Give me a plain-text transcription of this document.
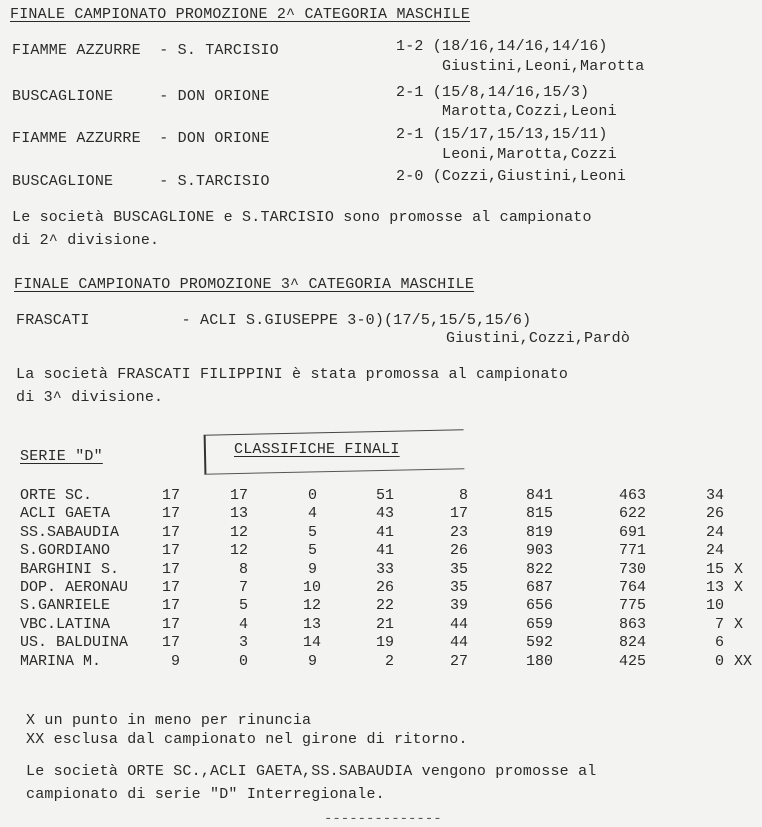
FINALE CAMPIONATO PROMOZIONE 2^ CATEGORIA MASCHILE
FIAMME AZZURRE  - S. TARCISIO	1-2 (18/16,14/16,14/16)
Giustini,Leoni,Marotta
BUSCAGLIONE     - DON ORIONE	2-1 (15/8,14/16,15/3)
Marotta,Cozzi,Leoni
FIAMME AZZURRE  - DON ORIONE	2-1 (15/17,15/13,15/11)
Leoni,Marotta,Cozzi
BUSCAGLIONE     - S.TARCISIO	2-0 (Cozzi,Giustini,Leoni
Le società BUSCAGLIONE e S.TARCISIO sono promosse al campionato
di 2^ divisione.
FINALE CAMPIONATO PROMOZIONE 3^ CATEGORIA MASCHILE
FRASCATI          - ACLI S.GIUSEPPE 3-0)(17/5,15/5,15/6)
Giustini,Cozzi,Pardò
La società FRASCATI FILIPPINI è stata promossa al campionato
di 3^ divisione.
SERIE "D"	CLASSIFICHE FINALI
ORTE SC.	17	17	0	51	8	841	463	34
ACLI GAETA	17	13	4	43	17	815	622	26
SS.SABAUDIA	17	12	5	41	23	819	691	24
S.GORDIANO	17	12	5	41	26	903	771	24
BARGHINI S.	17	8	9	33	35	822	730	15 X
DOP. AERONAU 17	7	10	26	35	687	764	13 X
S.GANRIELE	17	5	12	22	39	656	775	10
VBC.LATINA	17	4	13	21	44	659	863	7 X
US. BALDUINA 17	3	14	19	44	592	824	6
MARINA M.	9	0	9	2	27	180	425	0 XX
X un punto in meno per rinuncia
XX esclusa dal campionato nel girone di ritorno.
Le società ORTE SC.,ACLI GAETA,SS.SABAUDIA vengono promosse al
campionato di serie "D" Interregionale.
--------------
